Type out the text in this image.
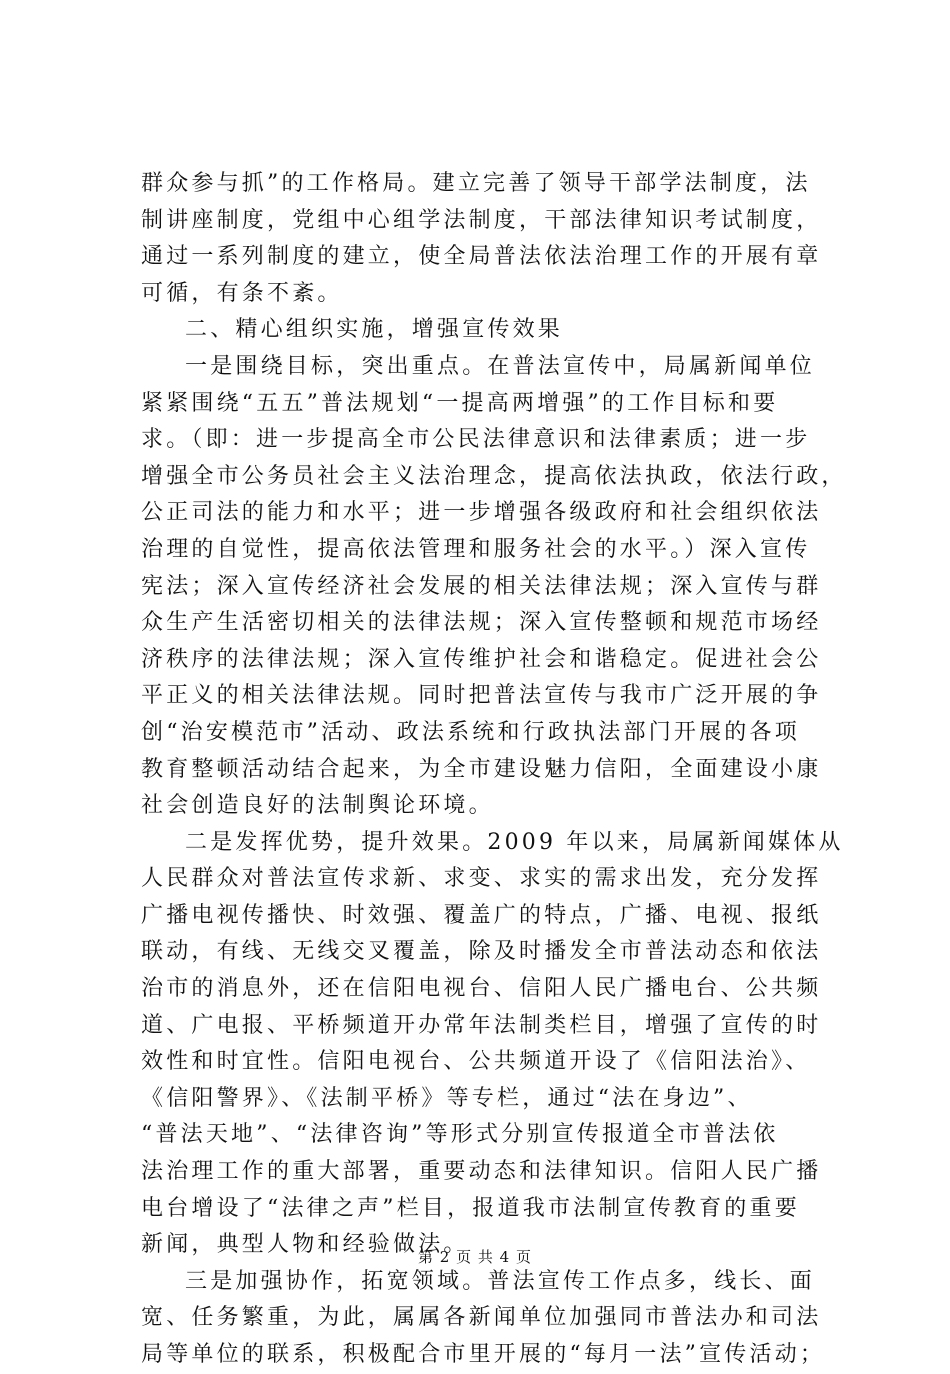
群众参与抓”的工作格局。建立完善了领导干部学法制度，法
制讲座制度，党组中心组学法制度，干部法律知识考试制度，
通过一系列制度的建立，使全局普法依法治理工作的开展有章
可循，有条不紊。
二、精心组织实施，增强宣传效果
一是围绕目标，突出重点。在普法宣传中，局属新闻单位
紧紧围绕“五五”普法规划“一提高两增强”的工作目标和要
求。（即：进一步提高全市公民法律意识和法律素质；进一步
增强全市公务员社会主义法治理念，提高依法执政，依法行政，
公正司法的能力和水平；进一步增强各级政府和社会组织依法
治理的自觉性，提高依法管理和服务社会的水平。）深入宣传
宪法；深入宣传经济社会发展的相关法律法规；深入宣传与群
众生产生活密切相关的法律法规；深入宣传整顿和规范市场经
济秩序的法律法规；深入宣传维护社会和谐稳定。促进社会公
平正义的相关法律法规。同时把普法宣传与我市广泛开展的争
创“治安模范市”活动、政法系统和行政执法部门开展的各项
教育整顿活动结合起来，为全市建设魅力信阳，全面建设小康
社会创造良好的法制舆论环境。
二是发挥优势，提升效果。2009 年以来，局属新闻媒体从
人民群众对普法宣传求新、求变、求实的需求出发，充分发挥
广播电视传播快、时效强、覆盖广的特点，广播、电视、报纸
联动，有线、无线交叉覆盖，除及时播发全市普法动态和依法
治市的消息外，还在信阳电视台、信阳人民广播电台、公共频
道、广电报、平桥频道开办常年法制类栏目，增强了宣传的时
效性和时宜性。信阳电视台、公共频道开设了《信阳法治》、
《信阳警界》、《法制平桥》等专栏，通过“法在身边”、
“普法天地”、“法律咨询”等形式分别宣传报道全市普法依
法治理工作的重大部署，重要动态和法律知识。信阳人民广播
电台增设了“法律之声”栏目，报道我市法制宣传教育的重要
新闻，典型人物和经验做法。
三是加强协作，拓宽领域。普法宣传工作点多，线长、面
宽、任务繁重，为此，属属各新闻单位加强同市普法办和司法
局等单位的联系，积极配合市里开展的“每月一法”宣传活动；
第 2 页 共 4 页
